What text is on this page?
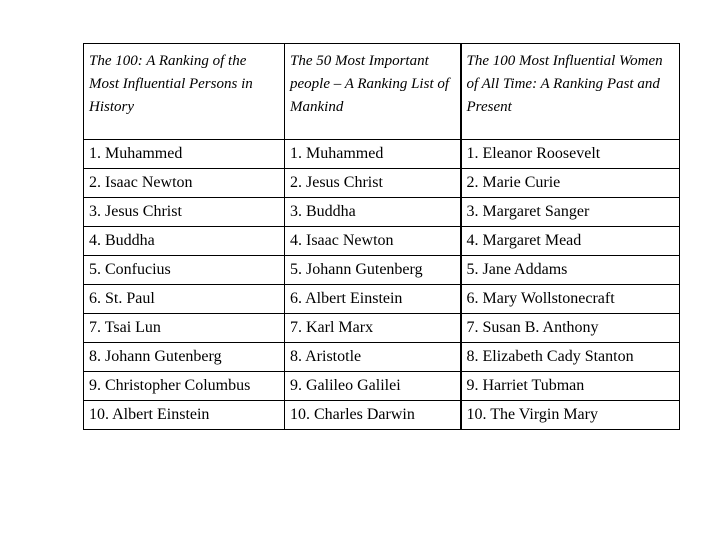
The 100: A Ranking of the Most Influential Persons in History	The 50 Most Important people – A Ranking List of Mankind	The 100 Most Influential Women of All Time: A Ranking Past and Present
1. Muhammed	1. Muhammed	1. Eleanor Roosevelt
2. Isaac Newton	2. Jesus Christ	2. Marie Curie
3. Jesus Christ	3. Buddha	3. Margaret Sanger
4. Buddha	4. Isaac Newton	4. Margaret Mead
5. Confucius	5. Johann Gutenberg	5. Jane Addams
6. St. Paul	6. Albert Einstein	6. Mary Wollstonecraft
7. Tsai Lun	7. Karl Marx	7. Susan B. Anthony
8. Johann Gutenberg	8. Aristotle	8. Elizabeth Cady Stanton
9. Christopher Columbus	9. Galileo Galilei	9. Harriet Tubman
10. Albert Einstein	10. Charles Darwin	10. The Virgin Mary
